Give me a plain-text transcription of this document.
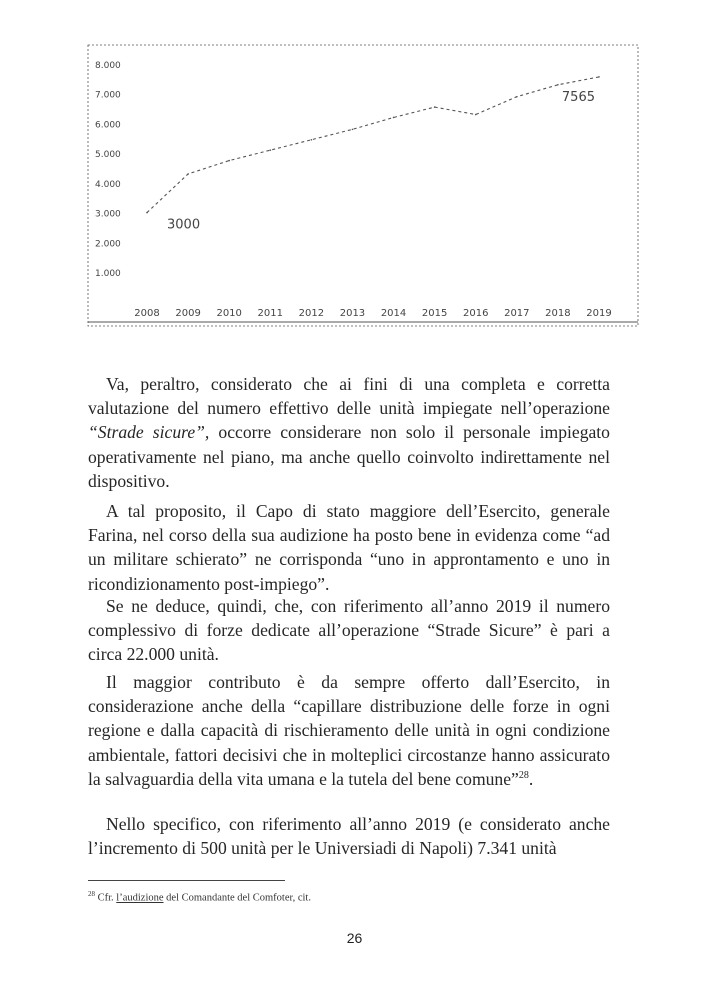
8.000
7.000
6.000
5.000
4.000
3.000
2.000
1.000
2008 2009 2010 2011 2012 2013 2014 2015 2016 2017 2018 2019
3000
7565

Va, peraltro, considerato che ai fini di una completa e corretta valutazione del numero effettivo delle unità impiegate nell’operazione “Strade sicure”, occorre considerare non solo il personale impiegato operativamente nel piano, ma anche quello coinvolto indirettamente nel dispositivo.

A tal proposito, il Capo di stato maggiore dell’Esercito, generale Farina, nel corso della sua audizione ha posto bene in evidenza come “ad un militare schierato” ne corrisponda “uno in approntamento e uno in ricondizionamento post-impiego”.

Se ne deduce, quindi, che, con riferimento all’anno 2019 il numero complessivo di forze dedicate all’operazione “Strade Sicure” è pari a circa 22.000 unità.

Il maggior contributo è da sempre offerto dall’Esercito, in considerazione anche della “capillare distribuzione delle forze in ogni regione e dalla capacità di rischieramento delle unità in ogni condizione ambientale, fattori decisivi che in molteplici circostanze hanno assicurato la salvaguardia della vita umana e la tutela del bene comune”$^{28}$.

Nello specifico, con riferimento all’anno 2019 (e considerato anche l’incremento di 500 unità per le Universiadi di Napoli) 7.341 unità

$^{28}$ Cfr. l’audizione del Comandante del Comfoter, cit.
26
